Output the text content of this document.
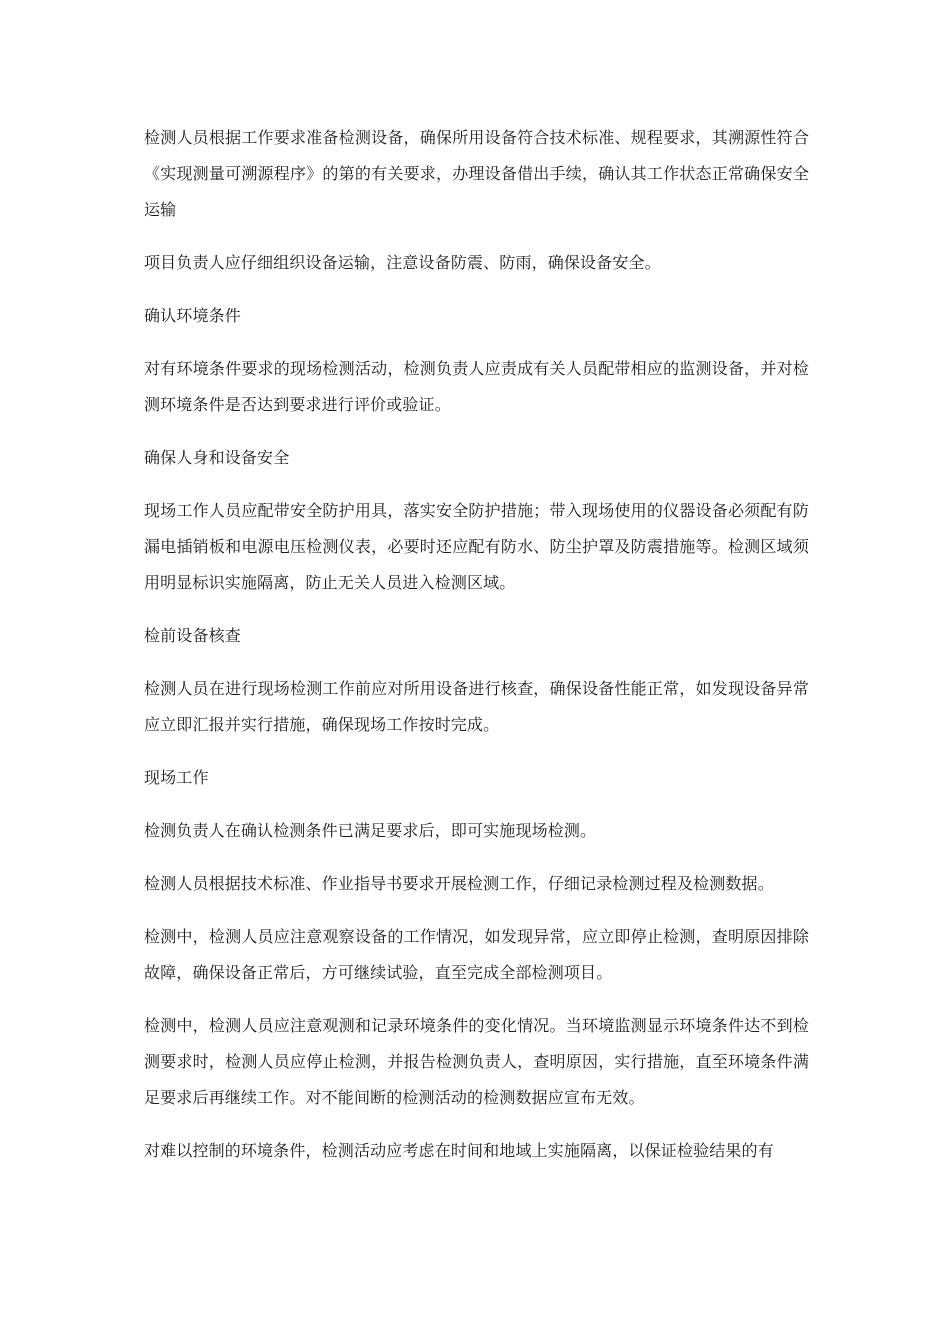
检测人员根据工作要求准备检测设备，确保所用设备符合技术标准、规程要求，其溯源性符合《实现测量可溯源程序》的第的有关要求，办理设备借出手续，确认其工作状态正常确保安全运输

项目负责人应仔细组织设备运输，注意设备防震、防雨，确保设备安全。

确认环境条件

对有环境条件要求的现场检测活动，检测负责人应责成有关人员配带相应的监测设备，并对检测环境条件是否达到要求进行评价或验证。

确保人身和设备安全

现场工作人员应配带安全防护用具，落实安全防护措施；带入现场使用的仪器设备必须配有防漏电插销板和电源电压检测仪表，必要时还应配有防水、防尘护罩及防震措施等。检测区域须用明显标识实施隔离，防止无关人员进入检测区域。

检前设备核查

检测人员在进行现场检测工作前应对所用设备进行核查，确保设备性能正常，如发现设备异常应立即汇报并实行措施，确保现场工作按时完成。

现场工作

检测负责人在确认检测条件已满足要求后，即可实施现场检测。

检测人员根据技术标准、作业指导书要求开展检测工作，仔细记录检测过程及检测数据。

检测中，检测人员应注意观察设备的工作情况，如发现异常，应立即停止检测，查明原因排除故障，确保设备正常后，方可继续试验，直至完成全部检测项目。

检测中，检测人员应注意观测和记录环境条件的变化情况。当环境监测显示环境条件达不到检测要求时，检测人员应停止检测，并报告检测负责人，查明原因，实行措施，直至环境条件满足要求后再继续工作。对不能间断的检测活动的检测数据应宣布无效。

对难以控制的环境条件，检测活动应考虑在时间和地域上实施隔离，以保证检验结果的有
